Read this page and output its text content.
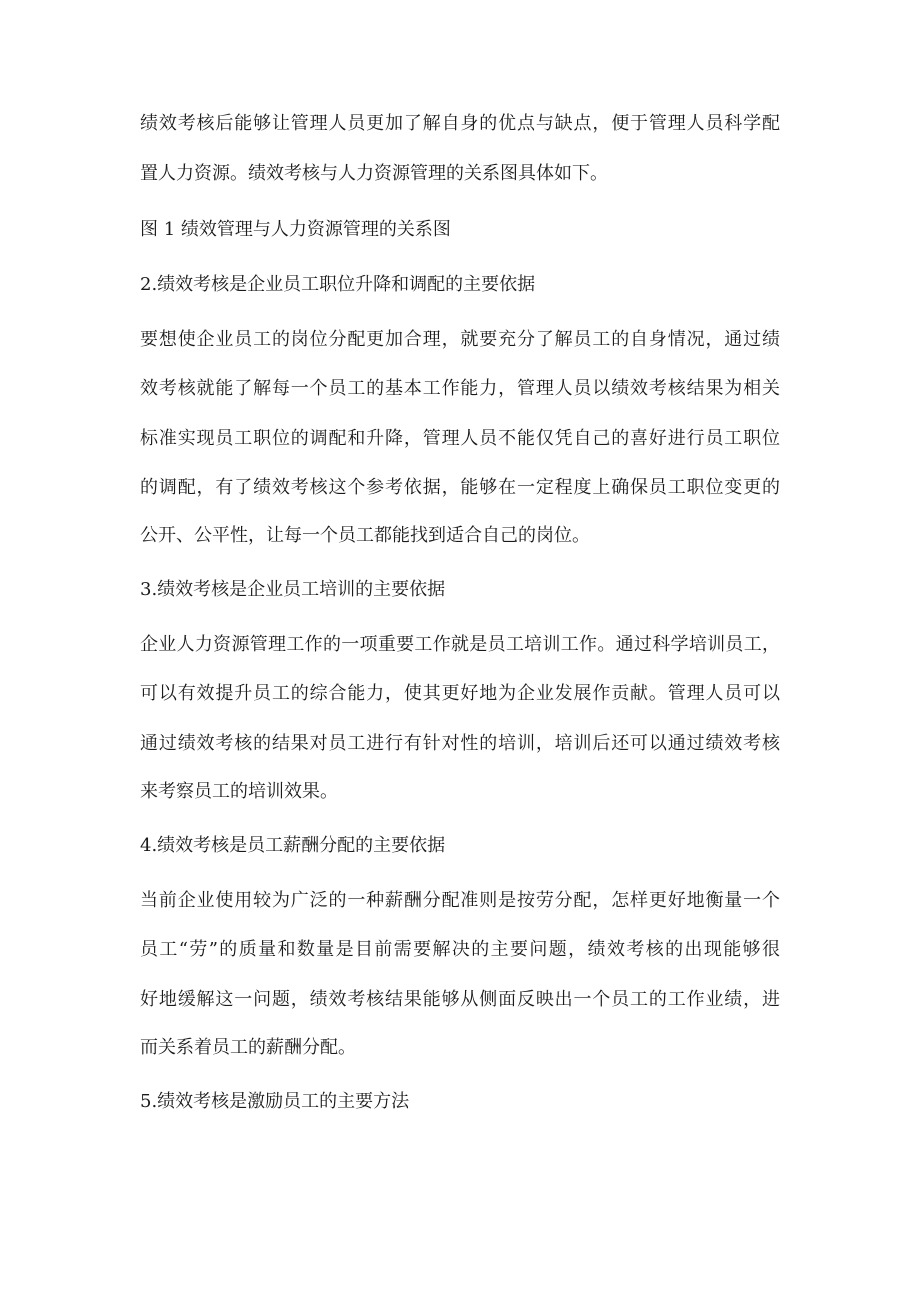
绩效考核后能够让管理人员更加了解自身的优点与缺点，便于管理人员科学配
置人力资源。绩效考核与人力资源管理的关系图具体如下。
图 1 绩效管理与人力资源管理的关系图
2.绩效考核是企业员工职位升降和调配的主要依据
要想使企业员工的岗位分配更加合理，就要充分了解员工的自身情况，通过绩
效考核就能了解每一个员工的基本工作能力，管理人员以绩效考核结果为相关
标准实现员工职位的调配和升降，管理人员不能仅凭自己的喜好进行员工职位
的调配，有了绩效考核这个参考依据，能够在一定程度上确保员工职位变更的
公开、公平性，让每一个员工都能找到适合自己的岗位。
3.绩效考核是企业员工培训的主要依据
企业人力资源管理工作的一项重要工作就是员工培训工作。通过科学培训员工，
可以有效提升员工的综合能力，使其更好地为企业发展作贡献。管理人员可以
通过绩效考核的结果对员工进行有针对性的培训，培训后还可以通过绩效考核
来考察员工的培训效果。
4.绩效考核是员工薪酬分配的主要依据
当前企业使用较为广泛的一种薪酬分配准则是按劳分配，怎样更好地衡量一个
员工“劳”的质量和数量是目前需要解决的主要问题，绩效考核的出现能够很
好地缓解这一问题，绩效考核结果能够从侧面反映出一个员工的工作业绩，进
而关系着员工的薪酬分配。
5.绩效考核是激励员工的主要方法
